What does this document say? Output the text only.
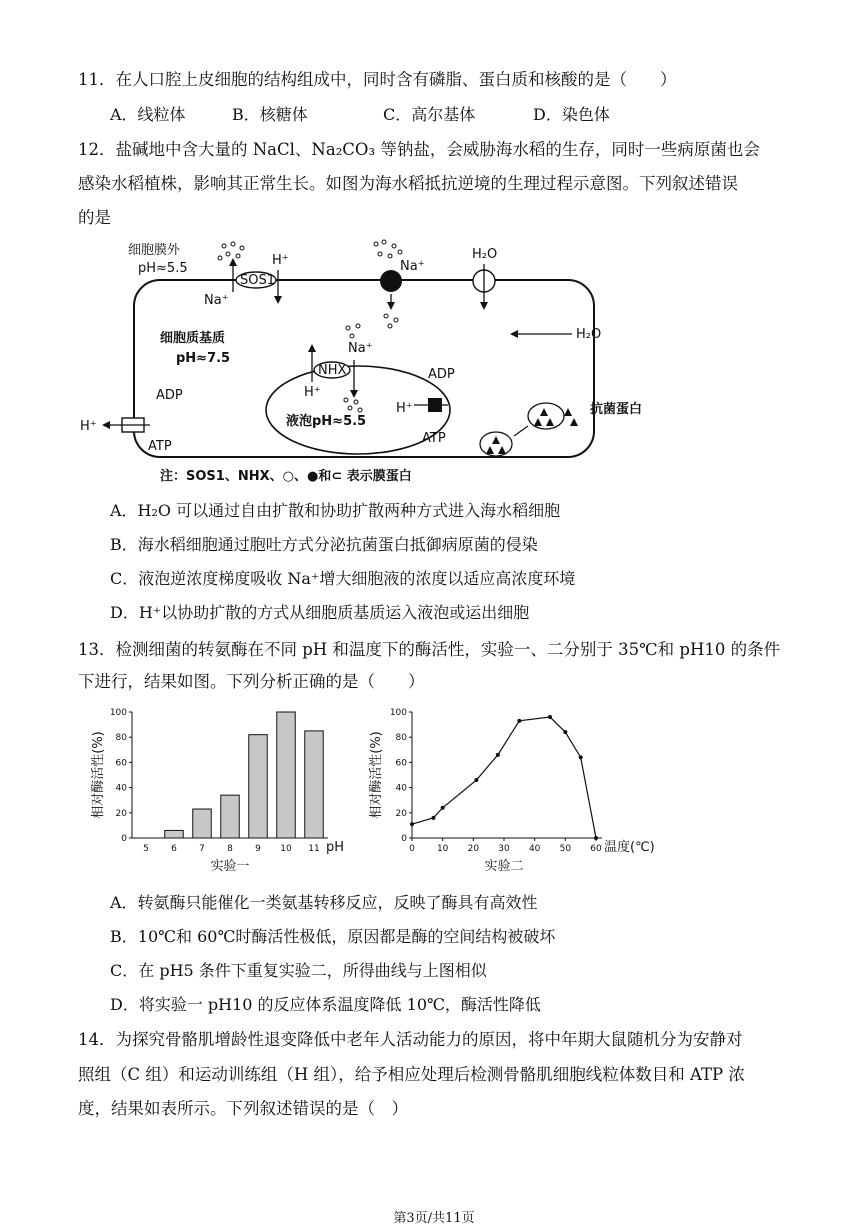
11．在人口腔上皮细胞的结构组成中，同时含有磷脂、蛋白质和核酸的是（　　）
A．线粒体	B．核糖体	C．高尔基体	D．染色体
12．盐碱地中含大量的 NaCl、Na₂CO₃ 等钠盐，会威胁海水稻的生存，同时一些病原菌也会
感染水稻植株，影响其正常生长。如图为海水稻抵抗逆境的生理过程示意图。下列叙述错误
的是
细胞膜外
pH≈5.5
细胞质基质
pH≈7.5
液泡pH≈5.5
SOS1
H⁺
Na⁺
Na⁺
H₂O
H₂O
NHX
Na⁺
H⁺
H⁺
ADP
ATP
H⁺
ADP
ATP
抗菌蛋白
注：SOS1、NHX、○、●和⊂ 表示膜蛋白
A．H₂O 可以通过自由扩散和协助扩散两种方式进入海水稻细胞
B．海水稻细胞通过胞吐方式分泌抗菌蛋白抵御病原菌的侵染
C．液泡逆浓度梯度吸收 Na⁺增大细胞液的浓度以适应高浓度环境
D．H⁺以协助扩散的方式从细胞质基质运入液泡或运出细胞
13．检测细菌的转氨酶在不同 pH 和温度下的酶活性，实验一、二分别于 35℃和 pH10 的条件
下进行，结果如图。下列分析正确的是（　　）
0
20
40
60
80
100
5 6 7 8 9 10 11
相对酶活性(%)
pH
实验一
0
20
40
60
80
100
0 10 20 30 40 50 60
相对酶活性(%)
温度(℃)
实验二
A．转氨酶只能催化一类氨基转移反应，反映了酶具有高效性
B．10℃和 60℃时酶活性极低，原因都是酶的空间结构被破坏
C．在 pH5 条件下重复实验二，所得曲线与上图相似
D．将实验一 pH10 的反应体系温度降低 10℃，酶活性降低
14．为探究骨骼肌增龄性退变降低中老年人活动能力的原因，将中年期大鼠随机分为安静对
照组（C 组）和运动训练组（H 组），给予相应处理后检测骨骼肌细胞线粒体数目和 ATP 浓
度，结果如表所示。下列叙述错误的是（　）
第3页/共11页
